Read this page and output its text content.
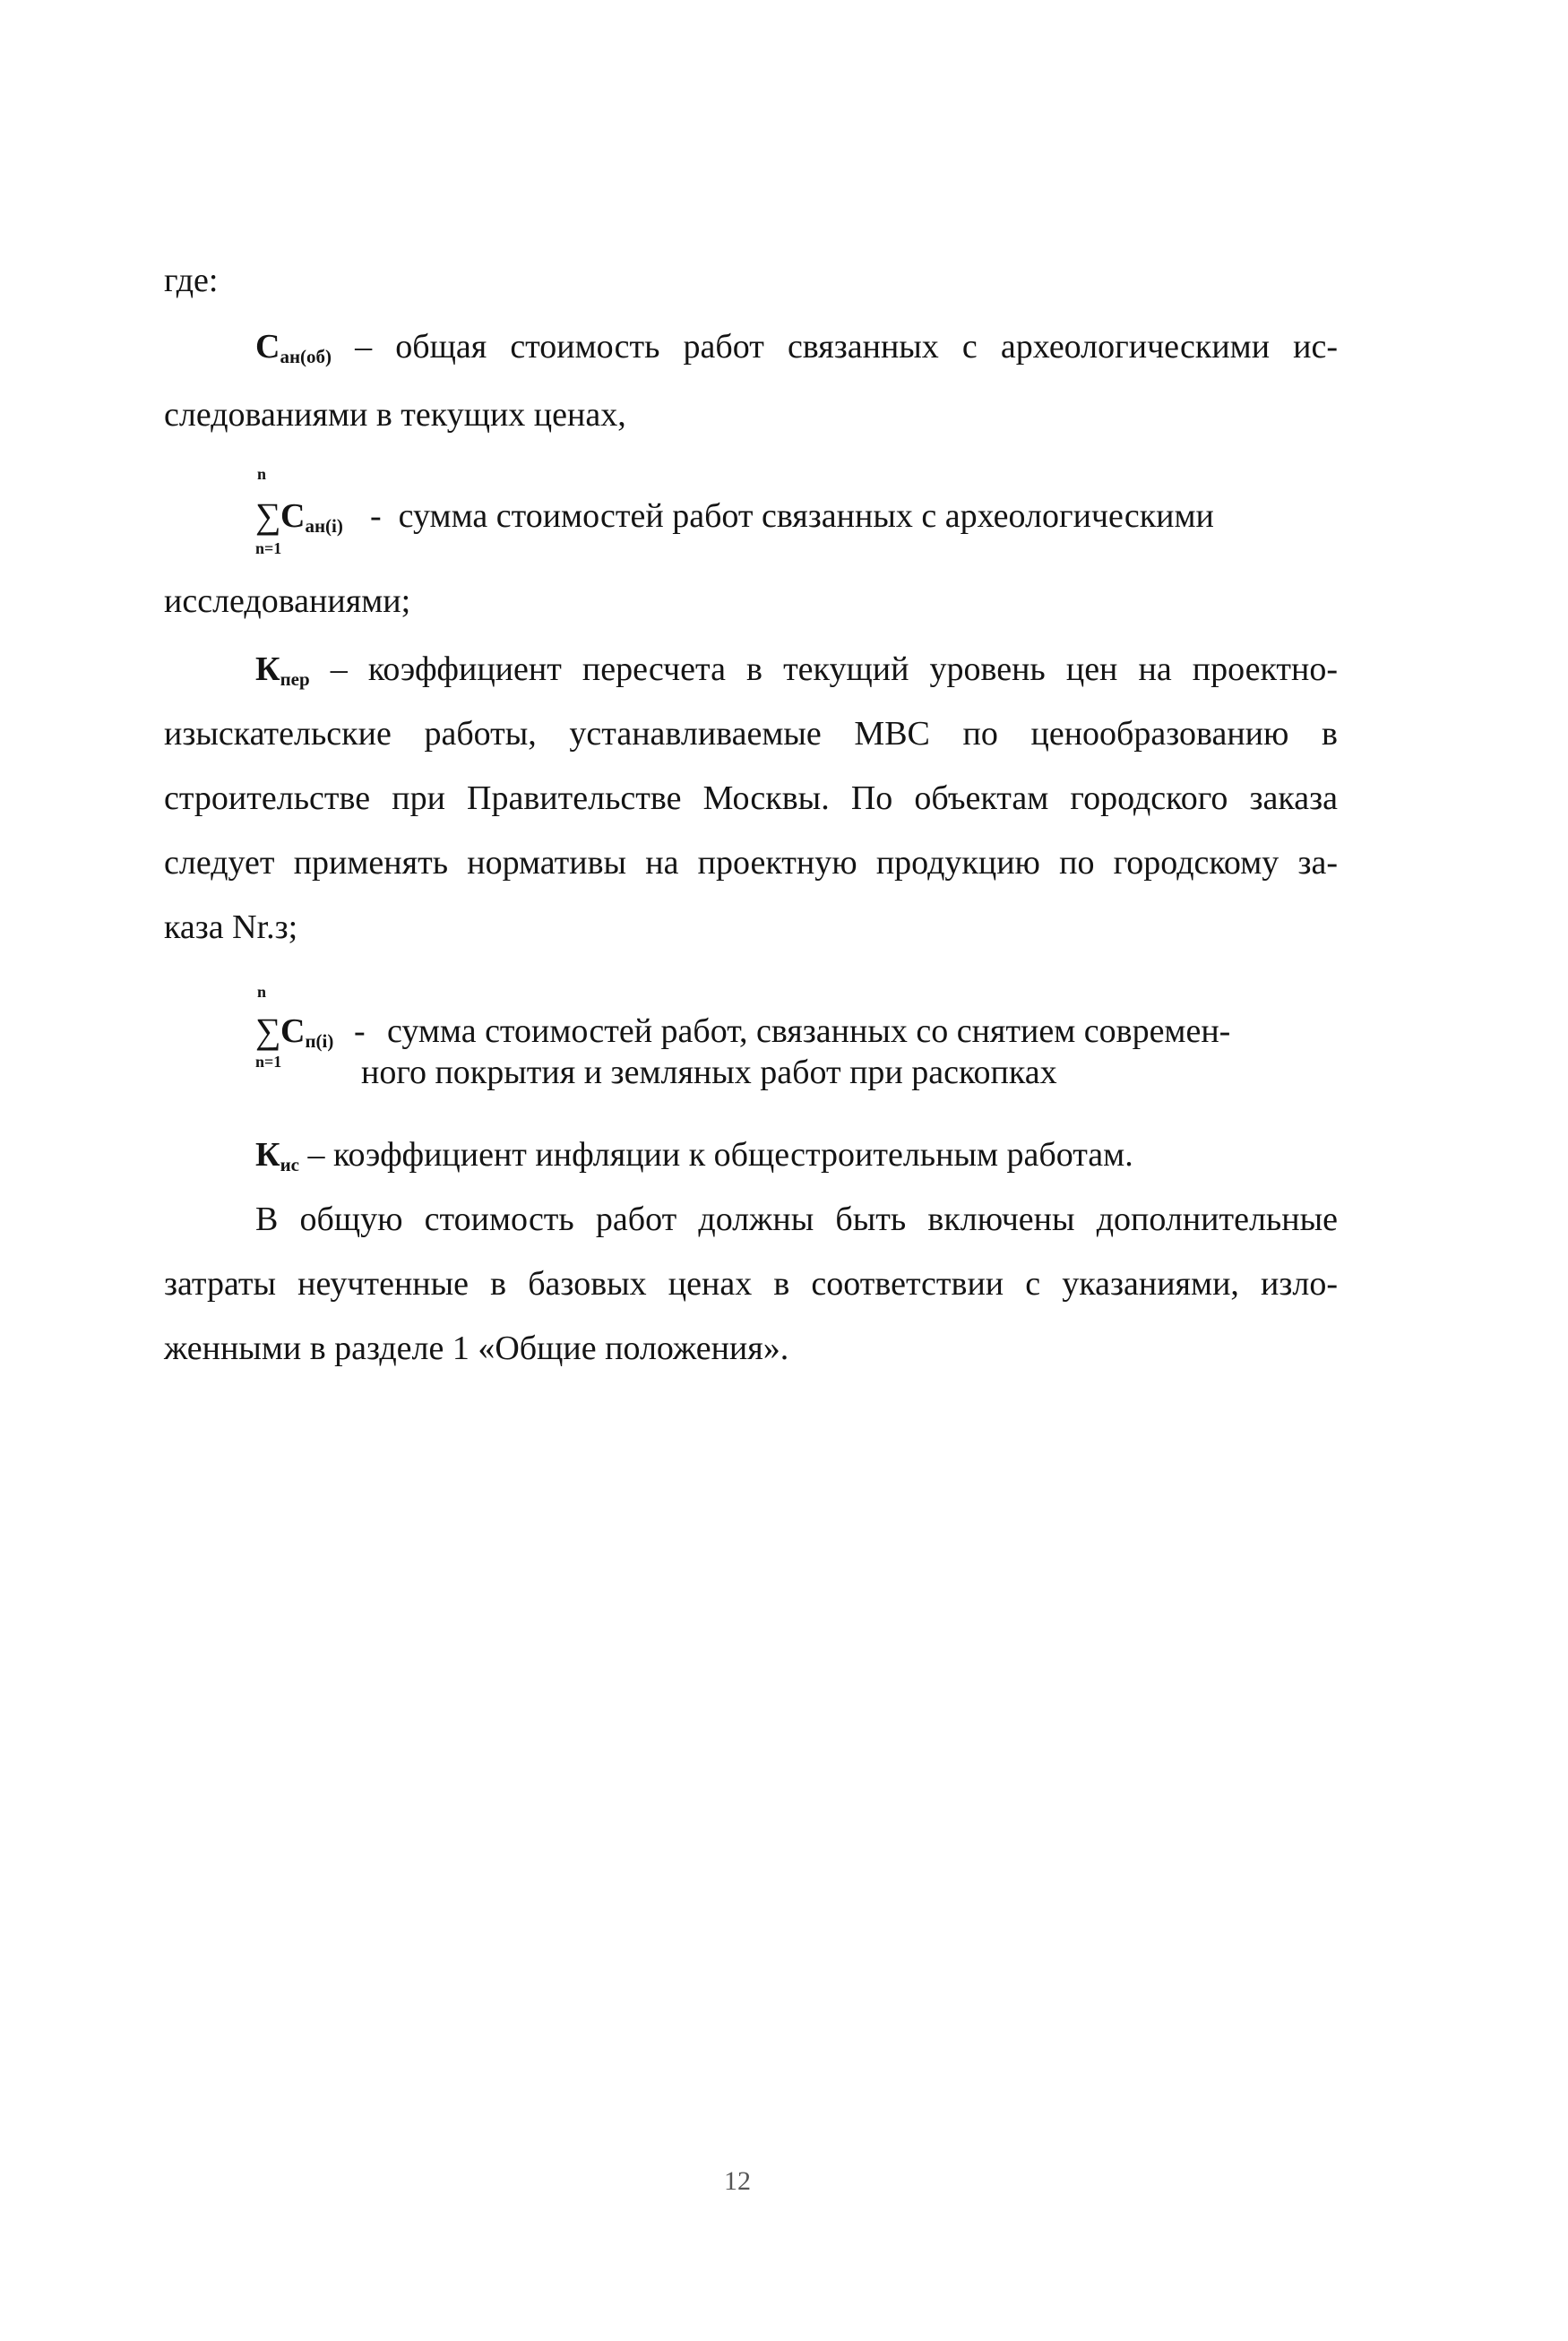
где:
$С_{ан(об)}$ – общая стоимость работ связанных с археологическими ис-
следованиями в текущих ценах,
n
∑ $С_{ан(i)}$
n=1
- сумма стоимостей работ связанных с археологическими
исследованиями;
$К_{пер}$ – коэффициент пересчета в текущий уровень цен на проектно-
изыскательские работы, устанавливаемые МВС по ценообразованию в
строительстве при Правительстве Москвы. По объектам городского заказа
следует применять нормативы на проектную продукцию по городскому за-
каза Nr.з;
n
∑ $С_{п(i)}$
n=1
- сумма стоимостей работ, связанных со снятием современ-
ного покрытия и земляных работ при раскопках
$К_{ис}$ – коэффициент инфляции к общестроительным работам.
В общую стоимость работ должны быть включены дополнительные
затраты неучтенные в базовых ценах в соответствии с указаниями, изло-
женными в разделе 1 «Общие положения».
12
